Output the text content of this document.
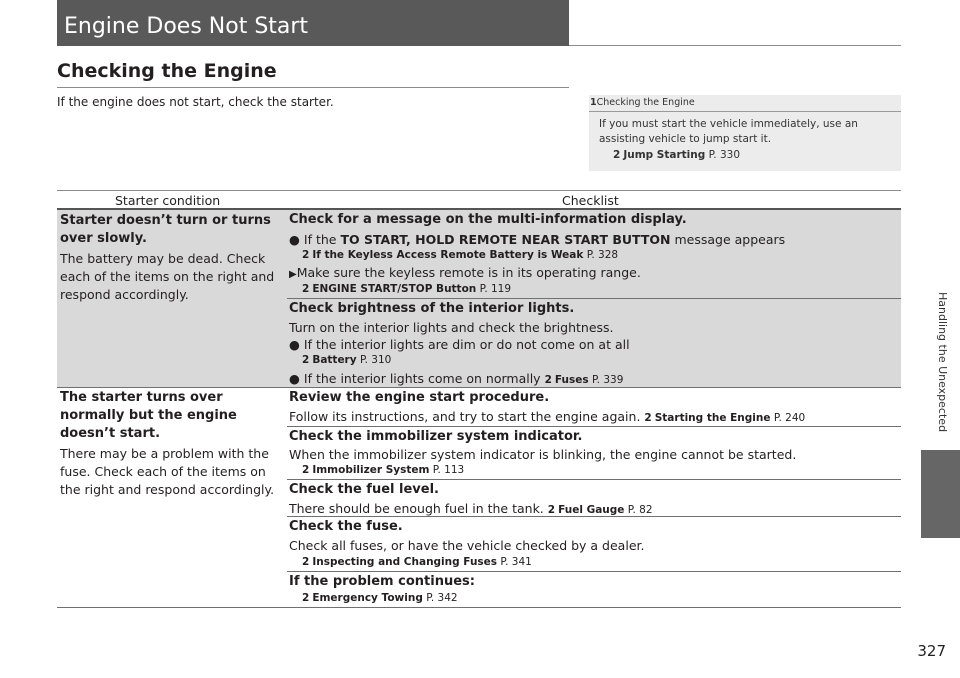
Engine Does Not Start
Handling the Unexpected
327
Checking the Engine
If the engine does not start, check the starter.	1Checking the Engine
If you must start the vehicle immediately, use an assisting vehicle to jump start it.
2 Jump Starting P. 330
Starter condition	Checklist
Starter doesn’t turn or turns over slowly.
The battery may be dead. Check each of the items on the right and respond accordingly.
Check for a message on the multi-information display.
● If the TO START, HOLD REMOTE NEAR START BUTTON message appears
2 If the Keyless Access Remote Battery is Weak P. 328
▶Make sure the keyless remote is in its operating range.
2 ENGINE START/STOP Button P. 119
Check brightness of the interior lights.
Turn on the interior lights and check the brightness.
● If the interior lights are dim or do not come on at all
2 Battery P. 310
● If the interior lights come on normally 2 Fuses P. 339
The starter turns over normally but the engine doesn’t start.
There may be a problem with the fuse. Check each of the items on the right and respond accordingly.
Review the engine start procedure.
Follow its instructions, and try to start the engine again. 2 Starting the Engine P. 240
Check the immobilizer system indicator.
When the immobilizer system indicator is blinking, the engine cannot be started.
2 Immobilizer System P. 113
Check the fuel level.
There should be enough fuel in the tank. 2 Fuel Gauge P. 82
Check the fuse.
Check all fuses, or have the vehicle checked by a dealer.
2 Inspecting and Changing Fuses P. 341
If the problem continues:
2 Emergency Towing P. 342
